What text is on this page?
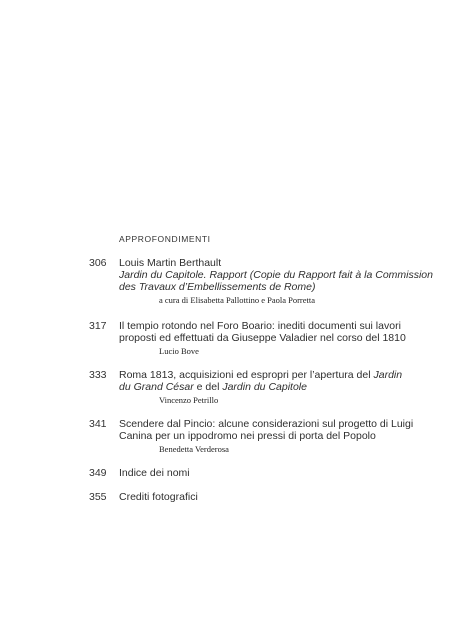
APPROFONDIMENTI
306 Louis Martin Berthault
Jardin du Capitole. Rapport (Copie du Rapport fait à la Commission
des Travaux d’Embellissements de Rome)
a cura di Elisabetta Pallottino e Paola Porretta
317 Il tempio rotondo nel Foro Boario: inediti documenti sui lavori
proposti ed effettuati da Giuseppe Valadier nel corso del 1810
Lucio Bove
333 Roma 1813, acquisizioni ed espropri per l’apertura del Jardin
du Grand César e del Jardin du Capitole
Vincenzo Petrillo
341 Scendere dal Pincio: alcune considerazioni sul progetto di Luigi
Canina per un ippodromo nei pressi di porta del Popolo
Benedetta Verderosa
349 Indice dei nomi
355 Crediti fotografici
